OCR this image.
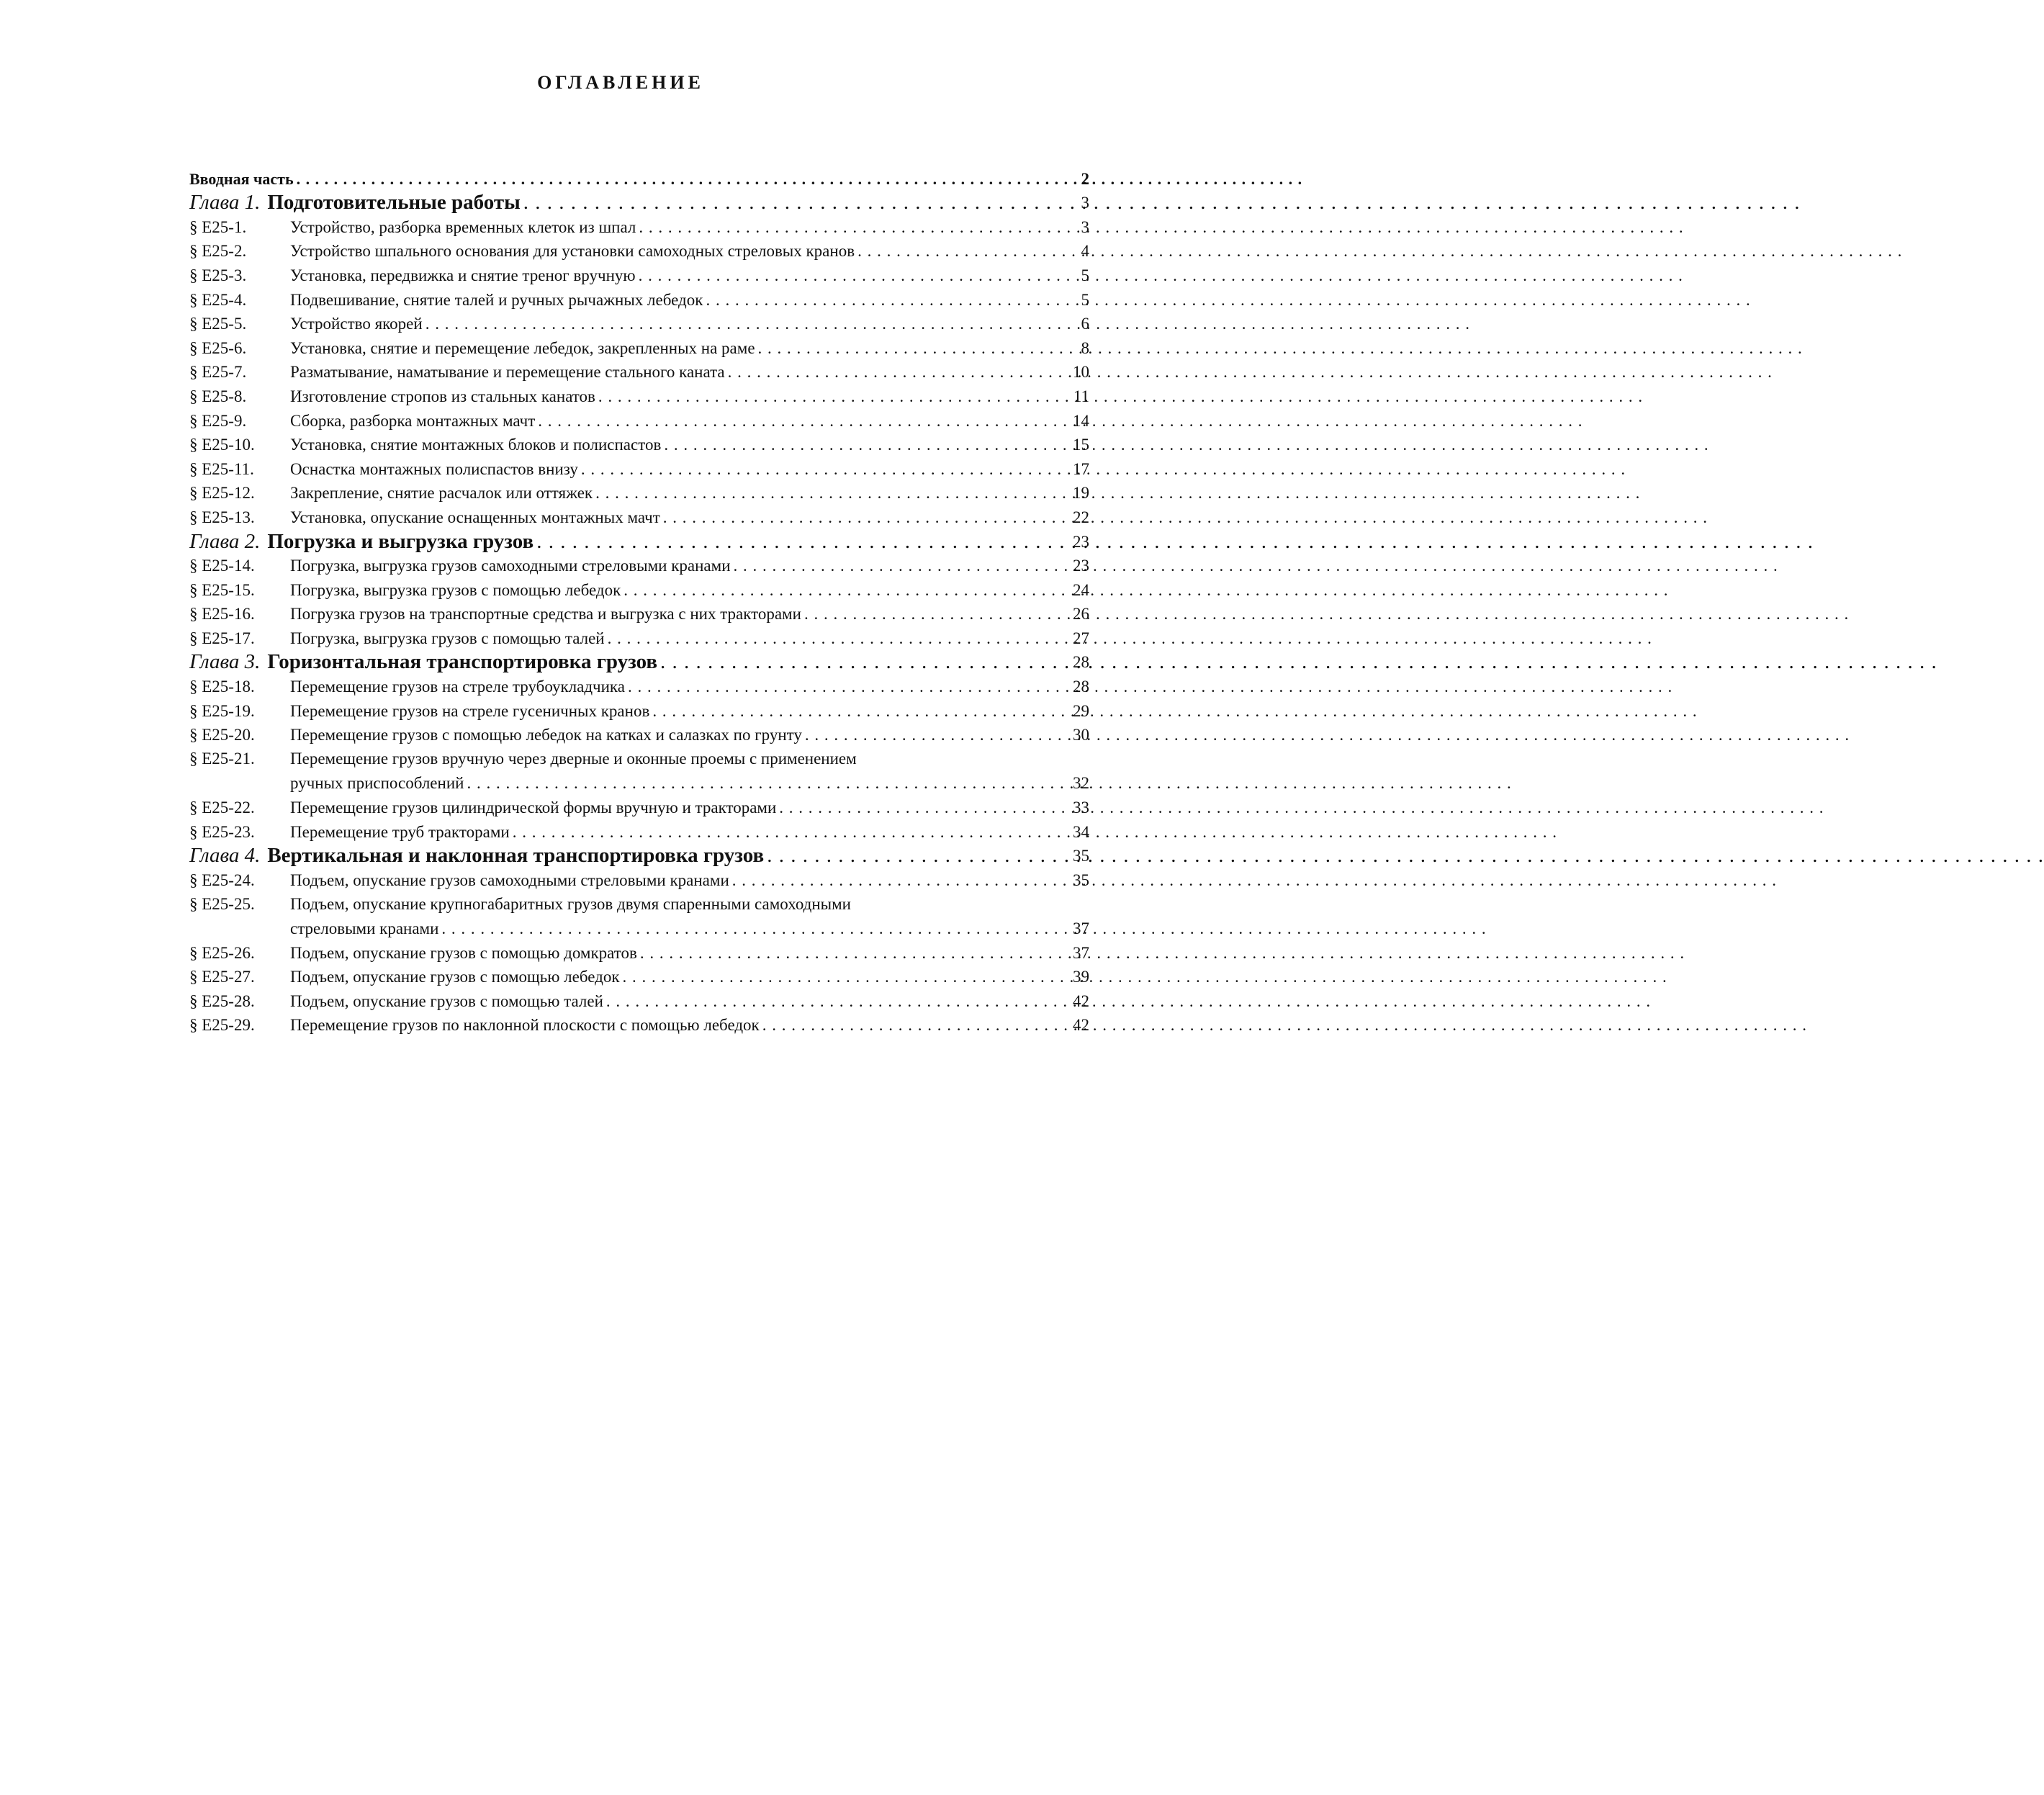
ОГЛАВЛЕНИЕ
Вводная часть . . .	2
Глава 1. Подготовительные работы . . .	3
§ Е25-1.	Устройство, разборка временных клеток из шпал . . .	3
§ Е25-2.	Устройство шпального основания для установки самоходных стреловых кранов . . .	4
§ Е25-3.	Установка, передвижка и снятие треног вручную . . .	5
§ Е25-4.	Подвешивание, снятие талей и ручных рычажных лебедок . . .	5
§ Е25-5.	Устройство якорей . . .	6
§ Е25-6.	Установка, снятие и перемещение лебедок, закрепленных на раме . . .	8
§ Е25-7.	Разматывание, наматывание и перемещение стального каната . . .	10
§ Е25-8.	Изготовление стропов из стальных канатов . . .	11
§ Е25-9.	Сборка, разборка монтажных мачт . . .	14
§ Е25-10.	Установка, снятие монтажных блоков и полиспастов . . .	15
§ Е25-11.	Оснастка монтажных полиспастов внизу . . .	17
§ Е25-12.	Закрепление, снятие расчалок или оттяжек . . .	19
§ Е25-13.	Установка, опускание оснащенных монтажных мачт . . .	22
Глава 2. Погрузка и выгрузка грузов . . .	23
§ Е25-14.	Погрузка, выгрузка грузов самоходными стреловыми кранами . . .	23
§ Е25-15.	Погрузка, выгрузка грузов с помощью лебедок . . .	24
§ Е25-16.	Погрузка грузов на транспортные средства и выгрузка с них тракторами . . .	26
§ Е25-17.	Погрузка, выгрузка грузов с помощью талей . . .	27
Глава 3. Горизонтальная транспортировка грузов . . .	28
§ Е25-18.	Перемещение грузов на стреле трубоукладчика . . .	28
§ Е25-19.	Перемещение грузов на стреле гусеничных кранов . . .	29
§ Е25-20.	Перемещение грузов с помощью лебедок на катках и салазках по грунту . . .	30
§ Е25-21.	Перемещение грузов вручную через дверные и оконные проемы с применением
ручных приспособлений . . .	32
§ Е25-22.	Перемещение грузов цилиндрической формы вручную и тракторами . . .	33
§ Е25-23.	Перемещение труб тракторами . . .	34
Глава 4. Вертикальная и наклонная транспортировка грузов . . .	35
§ Е25-24.	Подъем, опускание грузов самоходными стреловыми кранами . . .	35
§ Е25-25.	Подъем, опускание крупногабаритных грузов двумя спаренными самоходными
стреловыми кранами . . .	37
§ Е25-26.	Подъем, опускание грузов с помощью домкратов . . .	37
§ Е25-27.	Подъем, опускание грузов с помощью лебедок . . .	39
§ Е25-28.	Подъем, опускание грузов с помощью талей . . .	42
§ Е25-29.	Перемещение грузов по наклонной плоскости с помощью лебедок . . .	42
